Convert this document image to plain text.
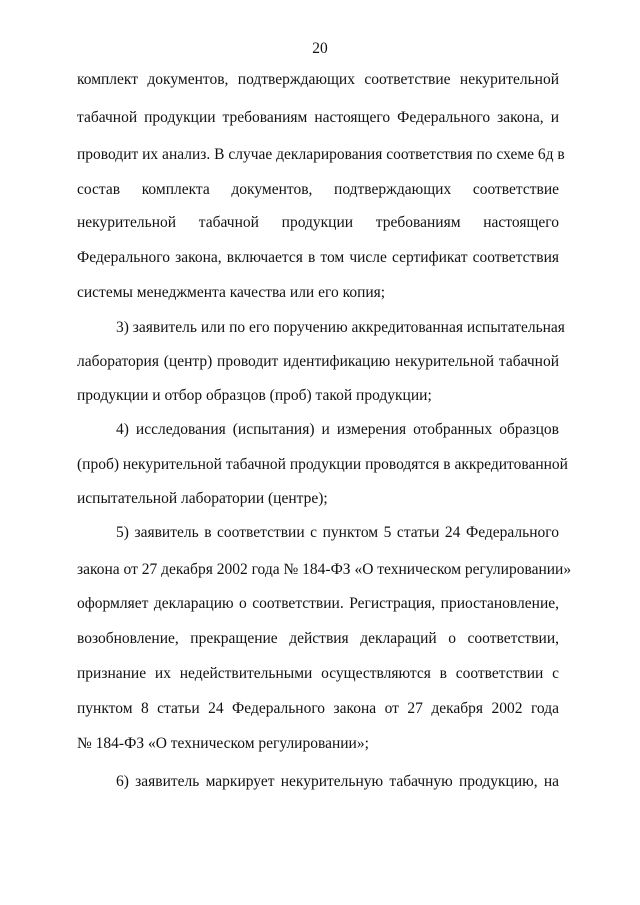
20
комплект документов, подтверждающих соответствие некурительной
табачной продукции требованиям настоящего Федерального закона, и
проводит их анализ. В случае декларирования соответствия по схеме 6д в
состав комплекта документов, подтверждающих соответствие
некурительной табачной продукции требованиям настоящего
Федерального закона, включается в том числе сертификат соответствия
системы менеджмента качества или его копия;
3) заявитель или по его поручению аккредитованная испытательная
лаборатория (центр) проводит идентификацию некурительной табачной
продукции и отбор образцов (проб) такой продукции;
4) исследования (испытания) и измерения отобранных образцов
(проб) некурительной табачной продукции проводятся в аккредитованной
испытательной лаборатории (центре);
5) заявитель в соответствии с пунктом 5 статьи 24 Федерального
закона от 27 декабря 2002 года № 184-ФЗ «О техническом регулировании»
оформляет декларацию о соответствии. Регистрация, приостановление,
возобновление, прекращение действия деклараций о соответствии,
признание их недействительными осуществляются в соответствии с
пунктом 8 статьи 24 Федерального закона от 27 декабря 2002 года
№ 184-ФЗ «О техническом регулировании»;
6) заявитель маркирует некурительную табачную продукцию, на
